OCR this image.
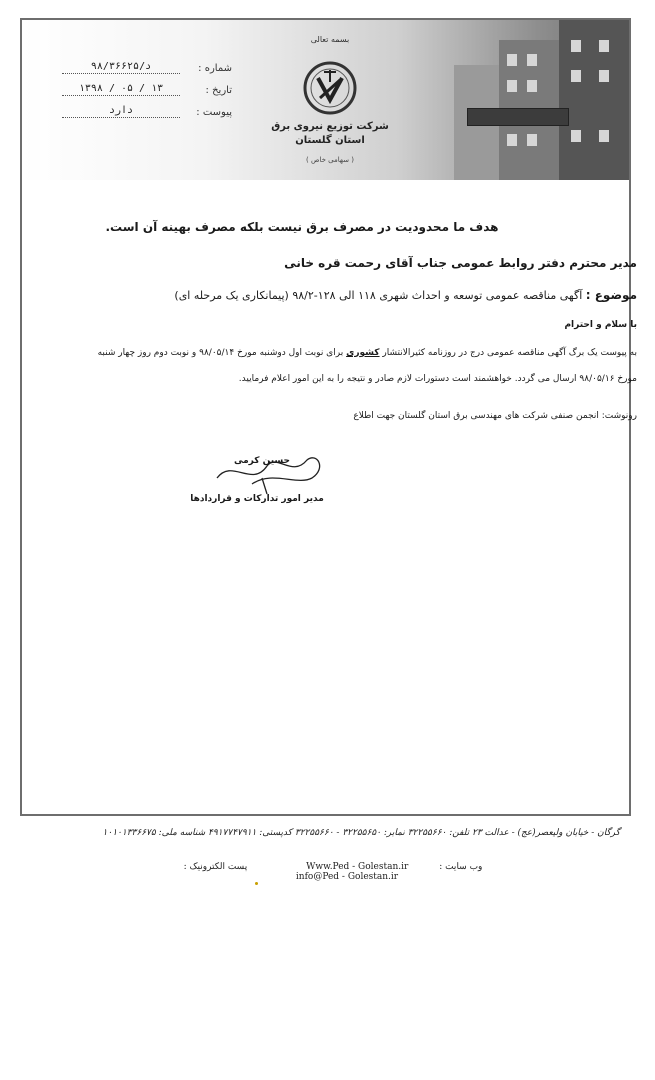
بسمه تعالی
شرکت توزیع نیروی برق
استان گلستان
( سهامی خاص )
شماره :
۹۸/د/۳۶۶۲۵
تاریخ :
۱۳۹۸ / ۰۵ / ۱۳
پیوست :
دارد
هدف ما محدودیت در مصرف برق نیست بلکه مصرف بهینه آن است.
مدیر محترم دفتر روابط عمومی جناب آقای رحمت قره خانی
موضوع : آگهی مناقصه عمومی توسعه و احداث شهری ۱۱۸ الی ۱۲۸-۹۸/۲ (پیمانکاری یک مرحله ای)
با سلام و احترام
به پیوست یک برگ آگهی مناقصه عمومی درج در روزنامه کثیرالانتشار کشوری برای نوبت اول دوشنبه مورخ ۹۸/۰۵/۱۴ و نوبت دوم روز چهار شنبه مورخ ۹۸/۰۵/۱۶ ارسال می گردد. خواهشمند است دستورات لازم صادر و نتیجه را به این امور اعلام فرمایید.
رونوشت: انجمن صنفی شرکت های مهندسی برق استان گلستان جهت اطلاع
حسین کرمی
مدیر امور تدارکات و قراردادها
گرگان - خیابان ولیعصر(عج) - عدالت ۲۳ تلفن: ۳۲۲۵۵۶۶۰ نمابر: ۳۲۲۵۵۶۵۰ - ۳۲۲۵۵۶۶۰ کدپستی: ۴۹۱۷۷۴۷۹۱۱ شناسه ملی: ۱۰۱۰۱۳۳۶۶۷۵
وب سایت : Www.Ped - Golestan.ir پست الکترونیک : info@Ped - Golestan.ir
